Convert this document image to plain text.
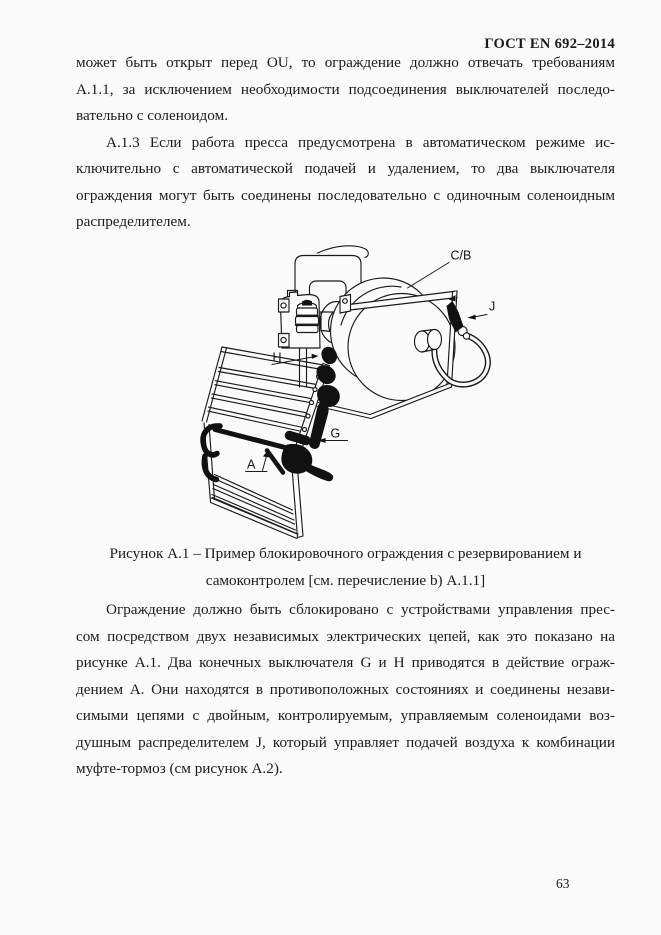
ГОСТ EN 692–2014
может быть открыт перед OU, то ограждение должно отвечать требованиям
А.1.1, за исключением необходимости подсоединения выключателей последо-
вательно с соленоидом.
А.1.3 Если работа пресса предусмотрена в автоматическом режиме ис-
ключительно с автоматической подачей и удалением, то два выключателя
ограждения могут быть соединены последовательно с одиночным соленоидным
распределителем.
C/B
J
H
G
A
Рисунок А.1 – Пример блокировочного ограждения с резервированием и
самоконтролем [см. перечисление b) А.1.1]
Ограждение должно быть сблокировано с устройствами управления прес-
сом посредством двух независимых электрических цепей, как это показано на
рисунке А.1. Два конечных выключателя G и Н приводятся в действие ограж-
дением А. Они находятся в противоположных состояниях и соединены незави-
симыми цепями с двойным, контролируемым, управляемым соленоидами воз-
душным распределителем J, который управляет подачей воздуха к комбинации
муфте-тормоз (см рисунок А.2).
63
